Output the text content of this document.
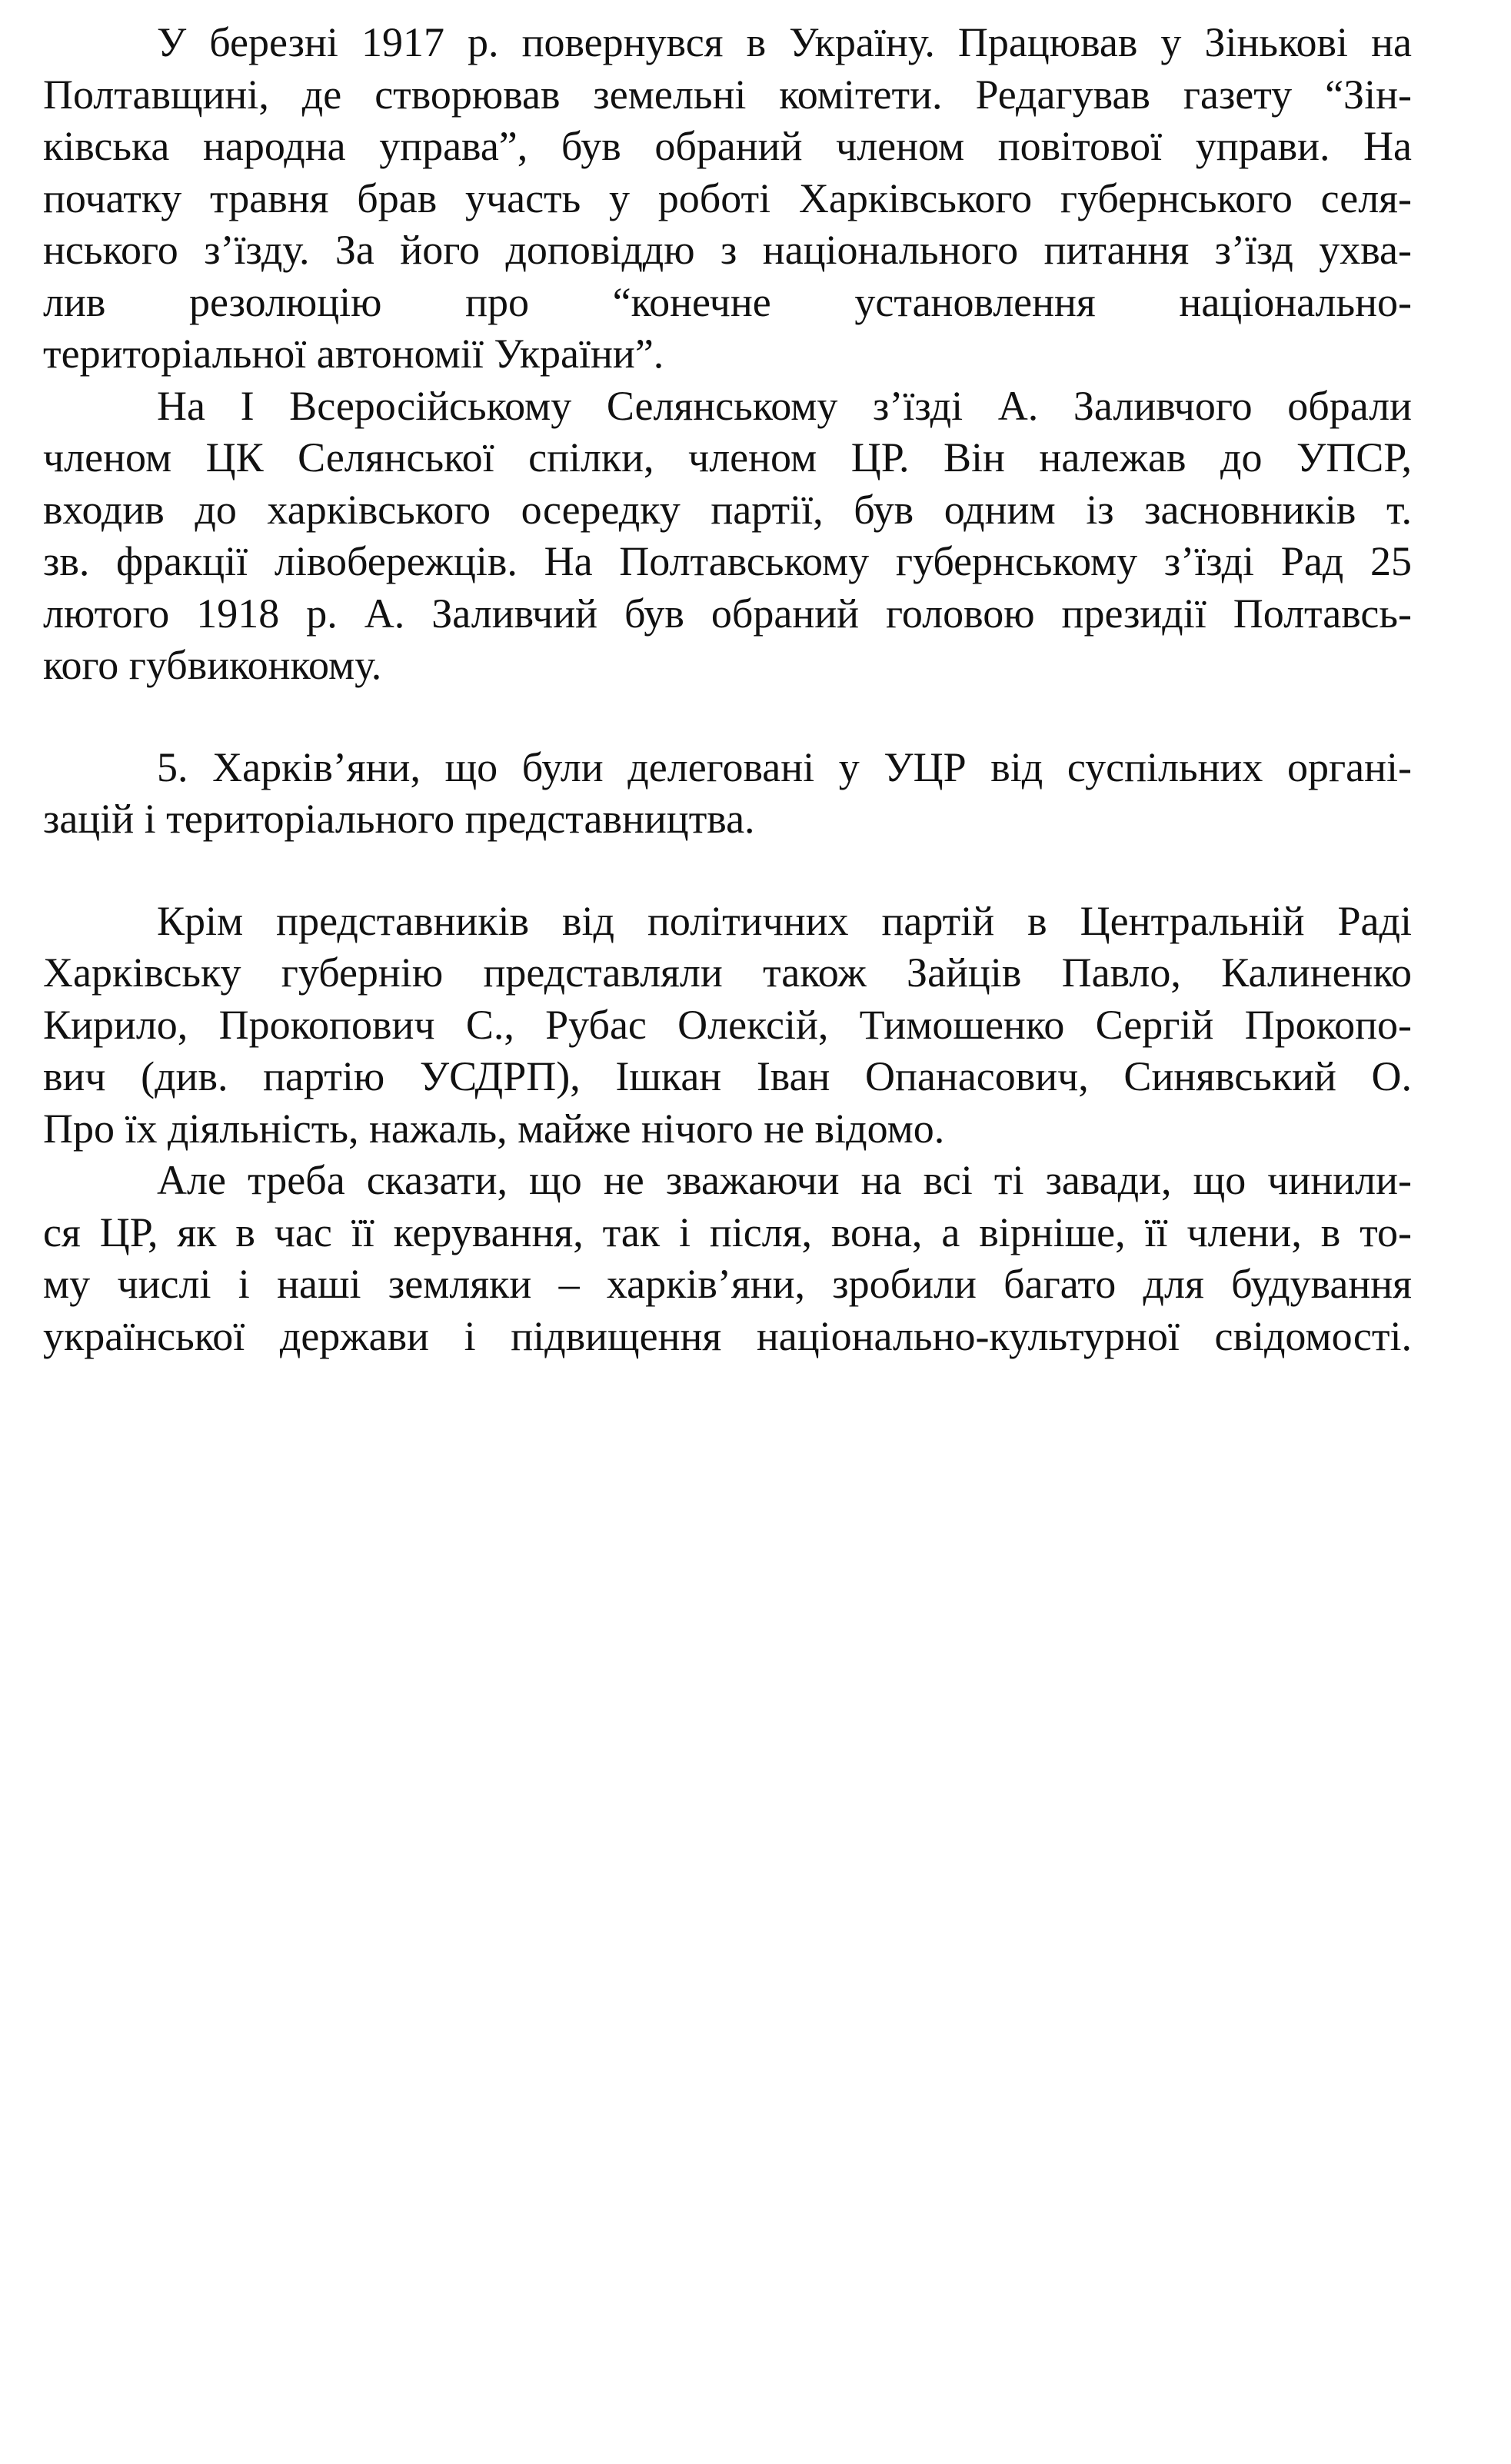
У березні 1917 р. повернувся в Україну. Працював у Зінькові на
Полтавщині, де створював земельні комітети. Редагував газету “Зін-
ківська народна управа”, був обраний членом повітової управи. На
початку травня брав участь у роботі Харківського губернського селя-
нського з’їзду. За його доповіддю з національного питання з’їзд ухва-
лив резолюцію про “конечне установлення національно-
територіальної автономії України”.
На І Всеросійському Селянському з’їзді А. Заливчого обрали
членом ЦК Селянської спілки, членом ЦР. Він належав до УПСР,
входив до харківського осередку партії, був одним із засновників т.
зв. фракції лівобережців. На Полтавському губернському з’їзді Рад 25
лютого 1918 р. А. Заливчий був обраний головою президії Полтавсь-
кого губвиконкому.
5. Харків’яни, що були делеговані у УЦР від суспільних органі-
зацій і територіального представництва.
Крім представників від політичних партій в Центральній Раді
Харківську губернію представляли також Зайців Павло, Калиненко
Кирило, Прокопович С., Рубас Олексій, Тимошенко Сергій Прокопо-
вич (див. партію УСДРП), Ішкан Іван Опанасович, Синявський О.
Про їх діяльність, нажаль, майже нічого не відомо.
Але треба сказати, що не зважаючи на всі ті завади, що чинили-
ся ЦР, як в час її керування, так і після, вона, а вірніше, її члени, в то-
му числі і наші земляки – харків’яни, зробили багато для будування
української держави і підвищення національно-культурної свідомості.
